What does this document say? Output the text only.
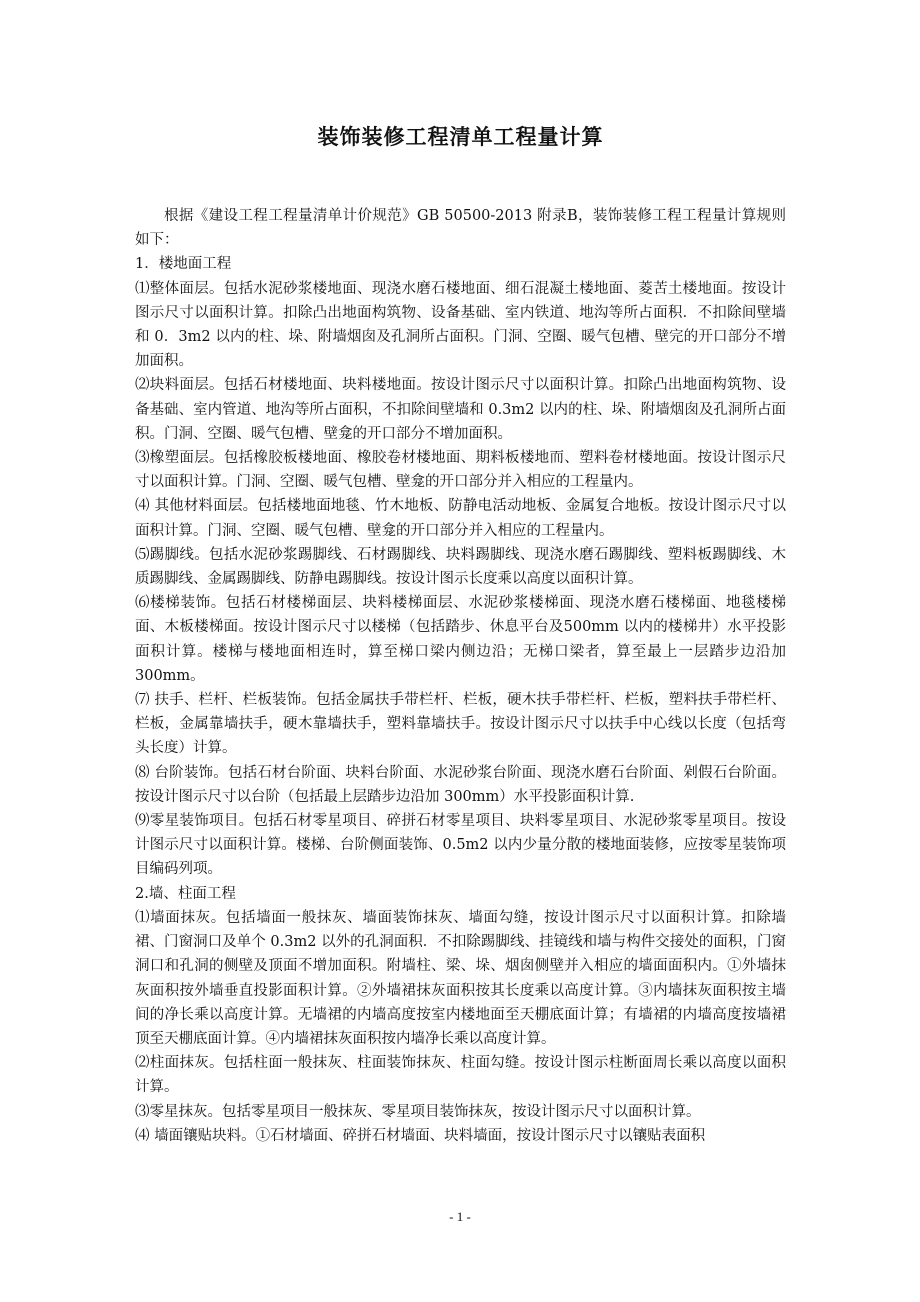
装饰装修工程清单工程量计算

根据《建设工程工程量清单计价规范》GB 50500-2013 附录B，装饰装修工程工程量计算规则如下：

1．楼地面工程

⑴整体面层。包括水泥砂浆楼地面、现浇水磨石楼地面、细石混凝土楼地面、菱苦土楼地面。按设计图示尺寸以面积计算。扣除凸出地面构筑物、设备基础、室内铁道、地沟等所占面积．不扣除间壁墙和 0．3m2 以内的柱、垛、附墙烟囱及孔洞所占面积。门洞、空圈、暖气包槽、壁完的开口部分不增加面积。

⑵块料面层。包括石材楼地面、块料楼地面。按设计图示尺寸以面积计算。扣除凸出地面构筑物、设备基础、室内管道、地沟等所占面积，不扣除间壁墙和 0.3m2 以内的柱、垛、附墙烟囱及孔洞所占面积。门洞、空圈、暖气包槽、壁龛的开口部分不增加面积。

⑶橡塑面层。包括橡胶板楼地面、橡胶卷材楼地面、期料板楼地而、塑料卷材楼地面。按设计图示尺寸以面积计算。门洞、空圈、暖气包槽、壁龛的开口部分并入相应的工程量内。

⑷ 其他材料面层。包括楼地面地毯、竹木地板、防静电活动地板、金属复合地板。按设计图示尺寸以面积计算。门洞、空圈、暖气包槽、壁龛的开口部分并入相应的工程量内。

⑸踢脚线。包括水泥砂浆踢脚线、石材踢脚线、块料踢脚线、现浇水磨石踢脚线、塑料板踢脚线、木质踢脚线、金属踢脚线、防静电踢脚线。按设计图示长度乘以高度以面积计算。

⑹楼梯装饰。包括石材楼梯面层、块料楼梯面层、水泥砂浆楼梯面、现浇水磨石楼梯面、地毯楼梯面、木板楼梯面。按设计图示尺寸以楼梯（包括踏步、休息平台及500mm 以内的楼梯井）水平投影面积计算。楼梯与楼地面相连时，算至梯口梁内侧边沿；无梯口梁者，算至最上一层踏步边沿加 300mm。

⑺ 扶手、栏杆、栏板装饰。包括金属扶手带栏杆、栏板，硬木扶手带栏杆、栏板，塑料扶手带栏杆、栏板，金属靠墙扶手，硬木靠墙扶手，塑料靠墙扶手。按设计图示尺寸以扶手中心线以长度（包括弯头长度）计算。

⑻ 台阶装饰。包括石材台阶面、块料台阶面、水泥砂浆台阶面、现浇水磨石台阶面、剁假石台阶面。按设计图示尺寸以台阶（包括最上层踏步边沿加 300mm）水平投影面积计算.

⑼零星装饰项目。包括石材零星项目、碎拼石材零星项目、块料零星项目、水泥砂浆零星项目。按设计图示尺寸以面积计算。楼梯、台阶侧面装饰、0.5m2 以内少量分散的楼地面装修，应按零星装饰项目编码列项。

2.墙、柱面工程

⑴墙面抹灰。包括墙面一般抹灰、墙面装饰抹灰、墙面勾缝，按设计图示尺寸以面积计算。扣除墙裙、门窗洞口及单个 0.3m2 以外的孔洞面积．不扣除踢脚线、挂镜线和墙与构件交接处的面积，门窗洞口和孔洞的侧壁及顶面不增加面积。附墙柱、梁、垛、烟囱侧壁并入相应的墙面面积内。①外墙抹灰面积按外墙垂直投影面积计算。②外墙裙抹灰面积按其长度乘以高度计算。③内墙抹灰面积按主墙间的净长乘以高度计算。无墙裙的内墙高度按室内楼地面至天棚底面计算；有墙裙的内墙高度按墙裙顶至天棚底面计算。④内墙裙抹灰面积按内墙净长乘以高度计算。

⑵柱面抹灰。包括柱面一般抹灰、柱面装饰抹灰、柱面勾缝。按设计图示柱断面周长乘以高度以面积计算。

⑶零星抹灰。包括零星项目一般抹灰、零星项目装饰抹灰，按设计图示尺寸以面积计算。

⑷ 墙面镶贴块料。①石材墙面、碎拼石材墙面、块料墙面，按设计图示尺寸以镶贴表面积

- 1 -
